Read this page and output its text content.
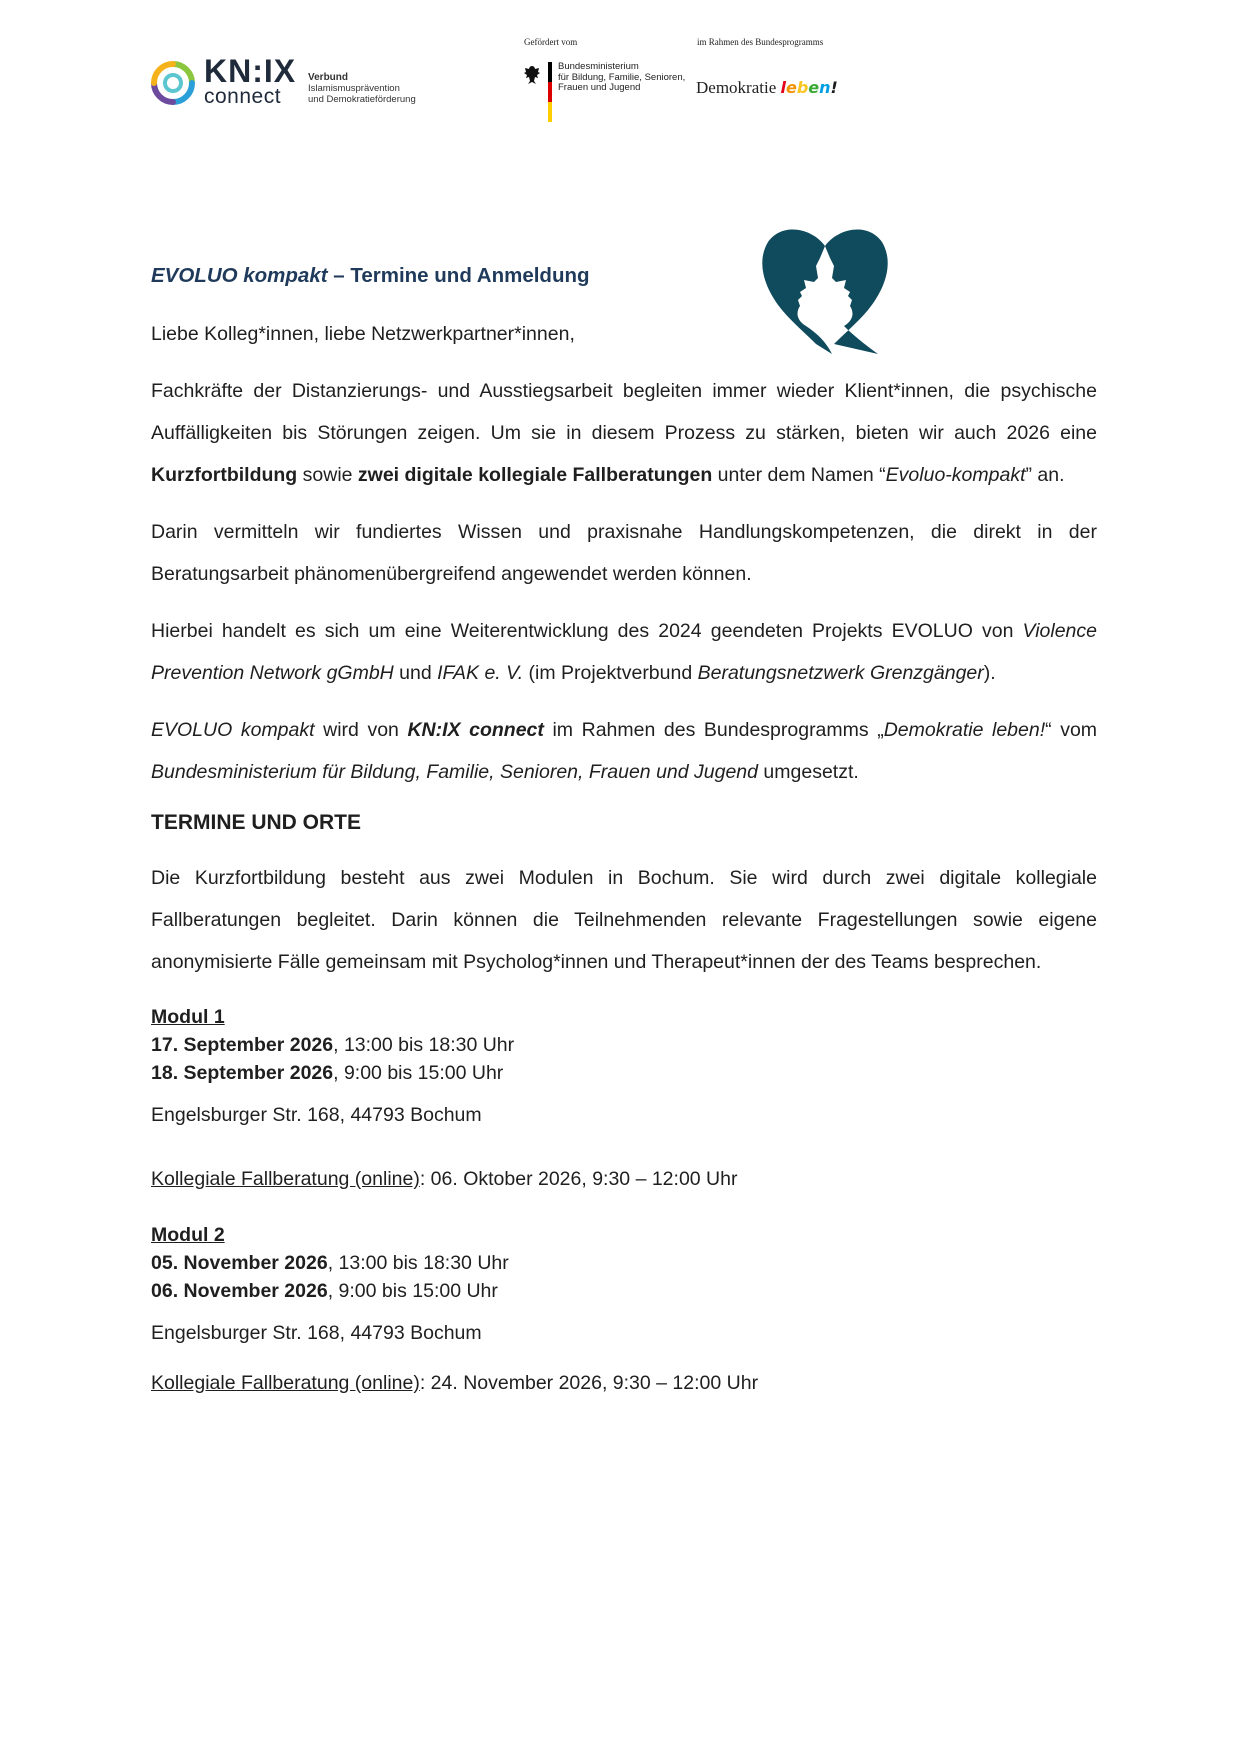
KN:IX
connect
Verbund
Islamismusprävention
und Demokratieförderung
Gefördert vom	im Rahmen des Bundesprogramms
Bundesministerium
für Bildung, Familie, Senioren,
Frauen und Jugend	Demokratie leben!

EVOLUO kompakt – Termine und Anmeldung

Liebe Kolleg*innen, liebe Netzwerkpartner*innen,

Fachkräfte der Distanzierungs- und Ausstiegsarbeit begleiten immer wieder Klient*innen, die psychische Auffälligkeiten bis Störungen zeigen. Um sie in diesem Prozess zu stärken, bieten wir auch 2026 eine Kurzfortbildung sowie zwei digitale kollegiale Fallberatungen unter dem Namen “Evoluo-kompakt” an.

Darin vermitteln wir fundiertes Wissen und praxisnahe Handlungskompetenzen, die direkt in der Beratungsarbeit phänomenübergreifend angewendet werden können.

Hierbei handelt es sich um eine Weiterentwicklung des 2024 geendeten Projekts EVOLUO von Violence Prevention Network gGmbH und IFAK e. V. (im Projektverbund Beratungsnetzwerk Grenzgänger).

EVOLUO kompakt wird von KN:IX connect im Rahmen des Bundesprogramms „Demokratie leben!“ vom Bundesministerium für Bildung, Familie, Senioren, Frauen und Jugend umgesetzt.

TERMINE UND ORTE

Die Kurzfortbildung besteht aus zwei Modulen in Bochum. Sie wird durch zwei digitale kollegiale Fallberatungen begleitet. Darin können die Teilnehmenden relevante Fragestellungen sowie eigene anonymisierte Fälle gemeinsam mit Psycholog*innen und Therapeut*innen der des Teams besprechen.

Modul 1

17. September 2026, 13:00 bis 18:30 Uhr

18. September 2026, 9:00 bis 15:00 Uhr

Engelsburger Str. 168, 44793 Bochum

Kollegiale Fallberatung (online): 06. Oktober 2026, 9:30 – 12:00 Uhr

Modul 2

05. November 2026, 13:00 bis 18:30 Uhr

06. November 2026, 9:00 bis 15:00 Uhr

Engelsburger Str. 168, 44793 Bochum

Kollegiale Fallberatung (online): 24. November 2026, 9:30 – 12:00 Uhr
